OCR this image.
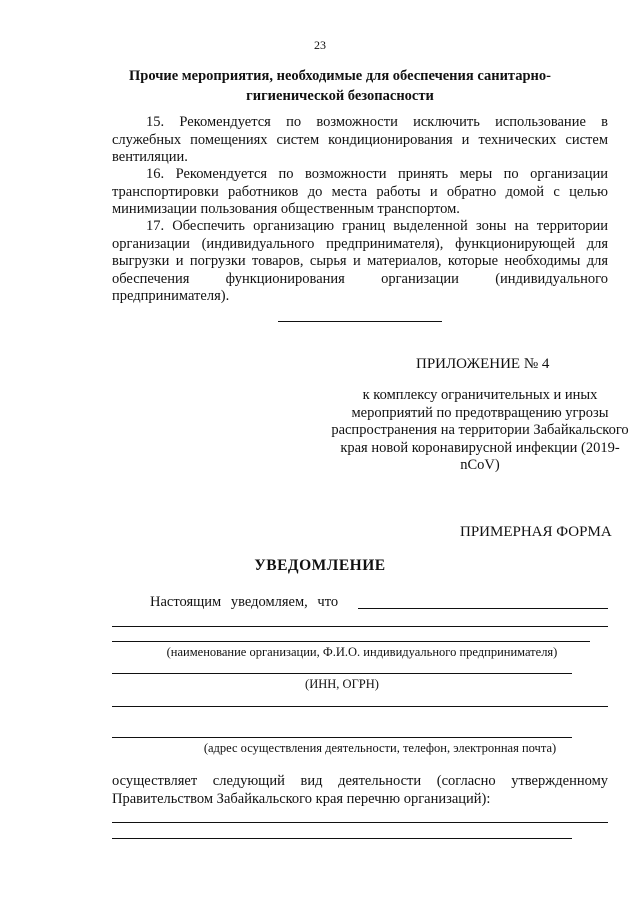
23
Прочие мероприятия, необходимые для обеспечения санитарно-гигиенической безопасности
15. Рекомендуется по возможности исключить использование в служебных помещениях систем кондиционирования и технических систем вентиляции.
16. Рекомендуется по возможности принять меры по организации транспортировки работников до места работы и обратно домой с целью минимизации пользования общественным транспортом.
17. Обеспечить организацию границ выделенной зоны на территории организации (индивидуального предпринимателя), функционирующей для выгрузки и погрузки товаров, сырья и материалов, которые необходимы для обеспечения функционирования организации (индивидуального предпринимателя).
ПРИЛОЖЕНИЕ № 4
к комплексу ограничительных и иных мероприятий по предотвращению угрозы распространения на территории Забайкальского края новой коронавирусной инфекции (2019-nCoV)
ПРИМЕРНАЯ ФОРМА
УВЕДОМЛЕНИЕ
Настоящим уведомляем, что
(наименование организации, Ф.И.О. индивидуального предпринимателя)
(ИНН, ОГРН)
(адрес осуществления деятельности, телефон, электронная почта)
осуществляет следующий вид деятельности (согласно утвержденному Правительством Забайкальского края перечню организаций):
